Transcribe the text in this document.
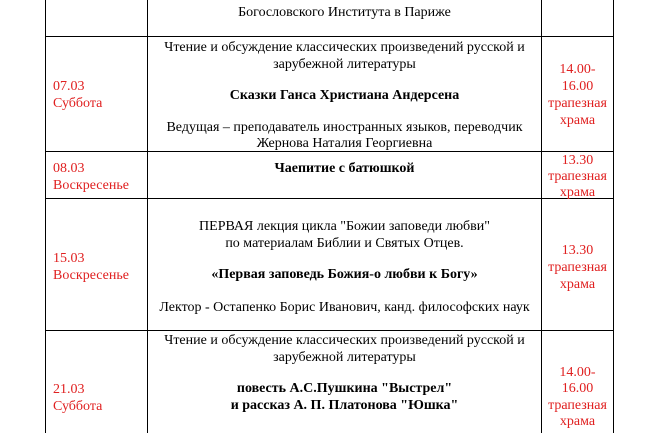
Богословского Института в Париже
07.03
Суббота
Чтение и обсуждение классических произведений русской и
зарубежной литературы
Сказки Ганса Христиана Андерсена
Ведущая – преподаватель иностранных языков, переводчик
Жернова Наталия Георгиевна
14.00-
16.00
трапезная
храма
08.03
Воскресенье
Чаепитие с батюшкой
13.30
трапезная
храма
15.03
Воскресенье
ПЕРВАЯ лекция цикла "Божии заповеди любви"
по материалам Библии и Святых Отцев.
«Первая заповедь Божия-о любви к Богу»
Лектор - Остапенко Борис Иванович, канд. философских наук
13.30
трапезная
храма
21.03
Суббота
Чтение и обсуждение классических произведений русской и
зарубежной литературы
повесть А.С.Пушкина "Выстрел"
и рассказ А. П. Платонова "Юшка"
14.00-
16.00
трапезная
храма
